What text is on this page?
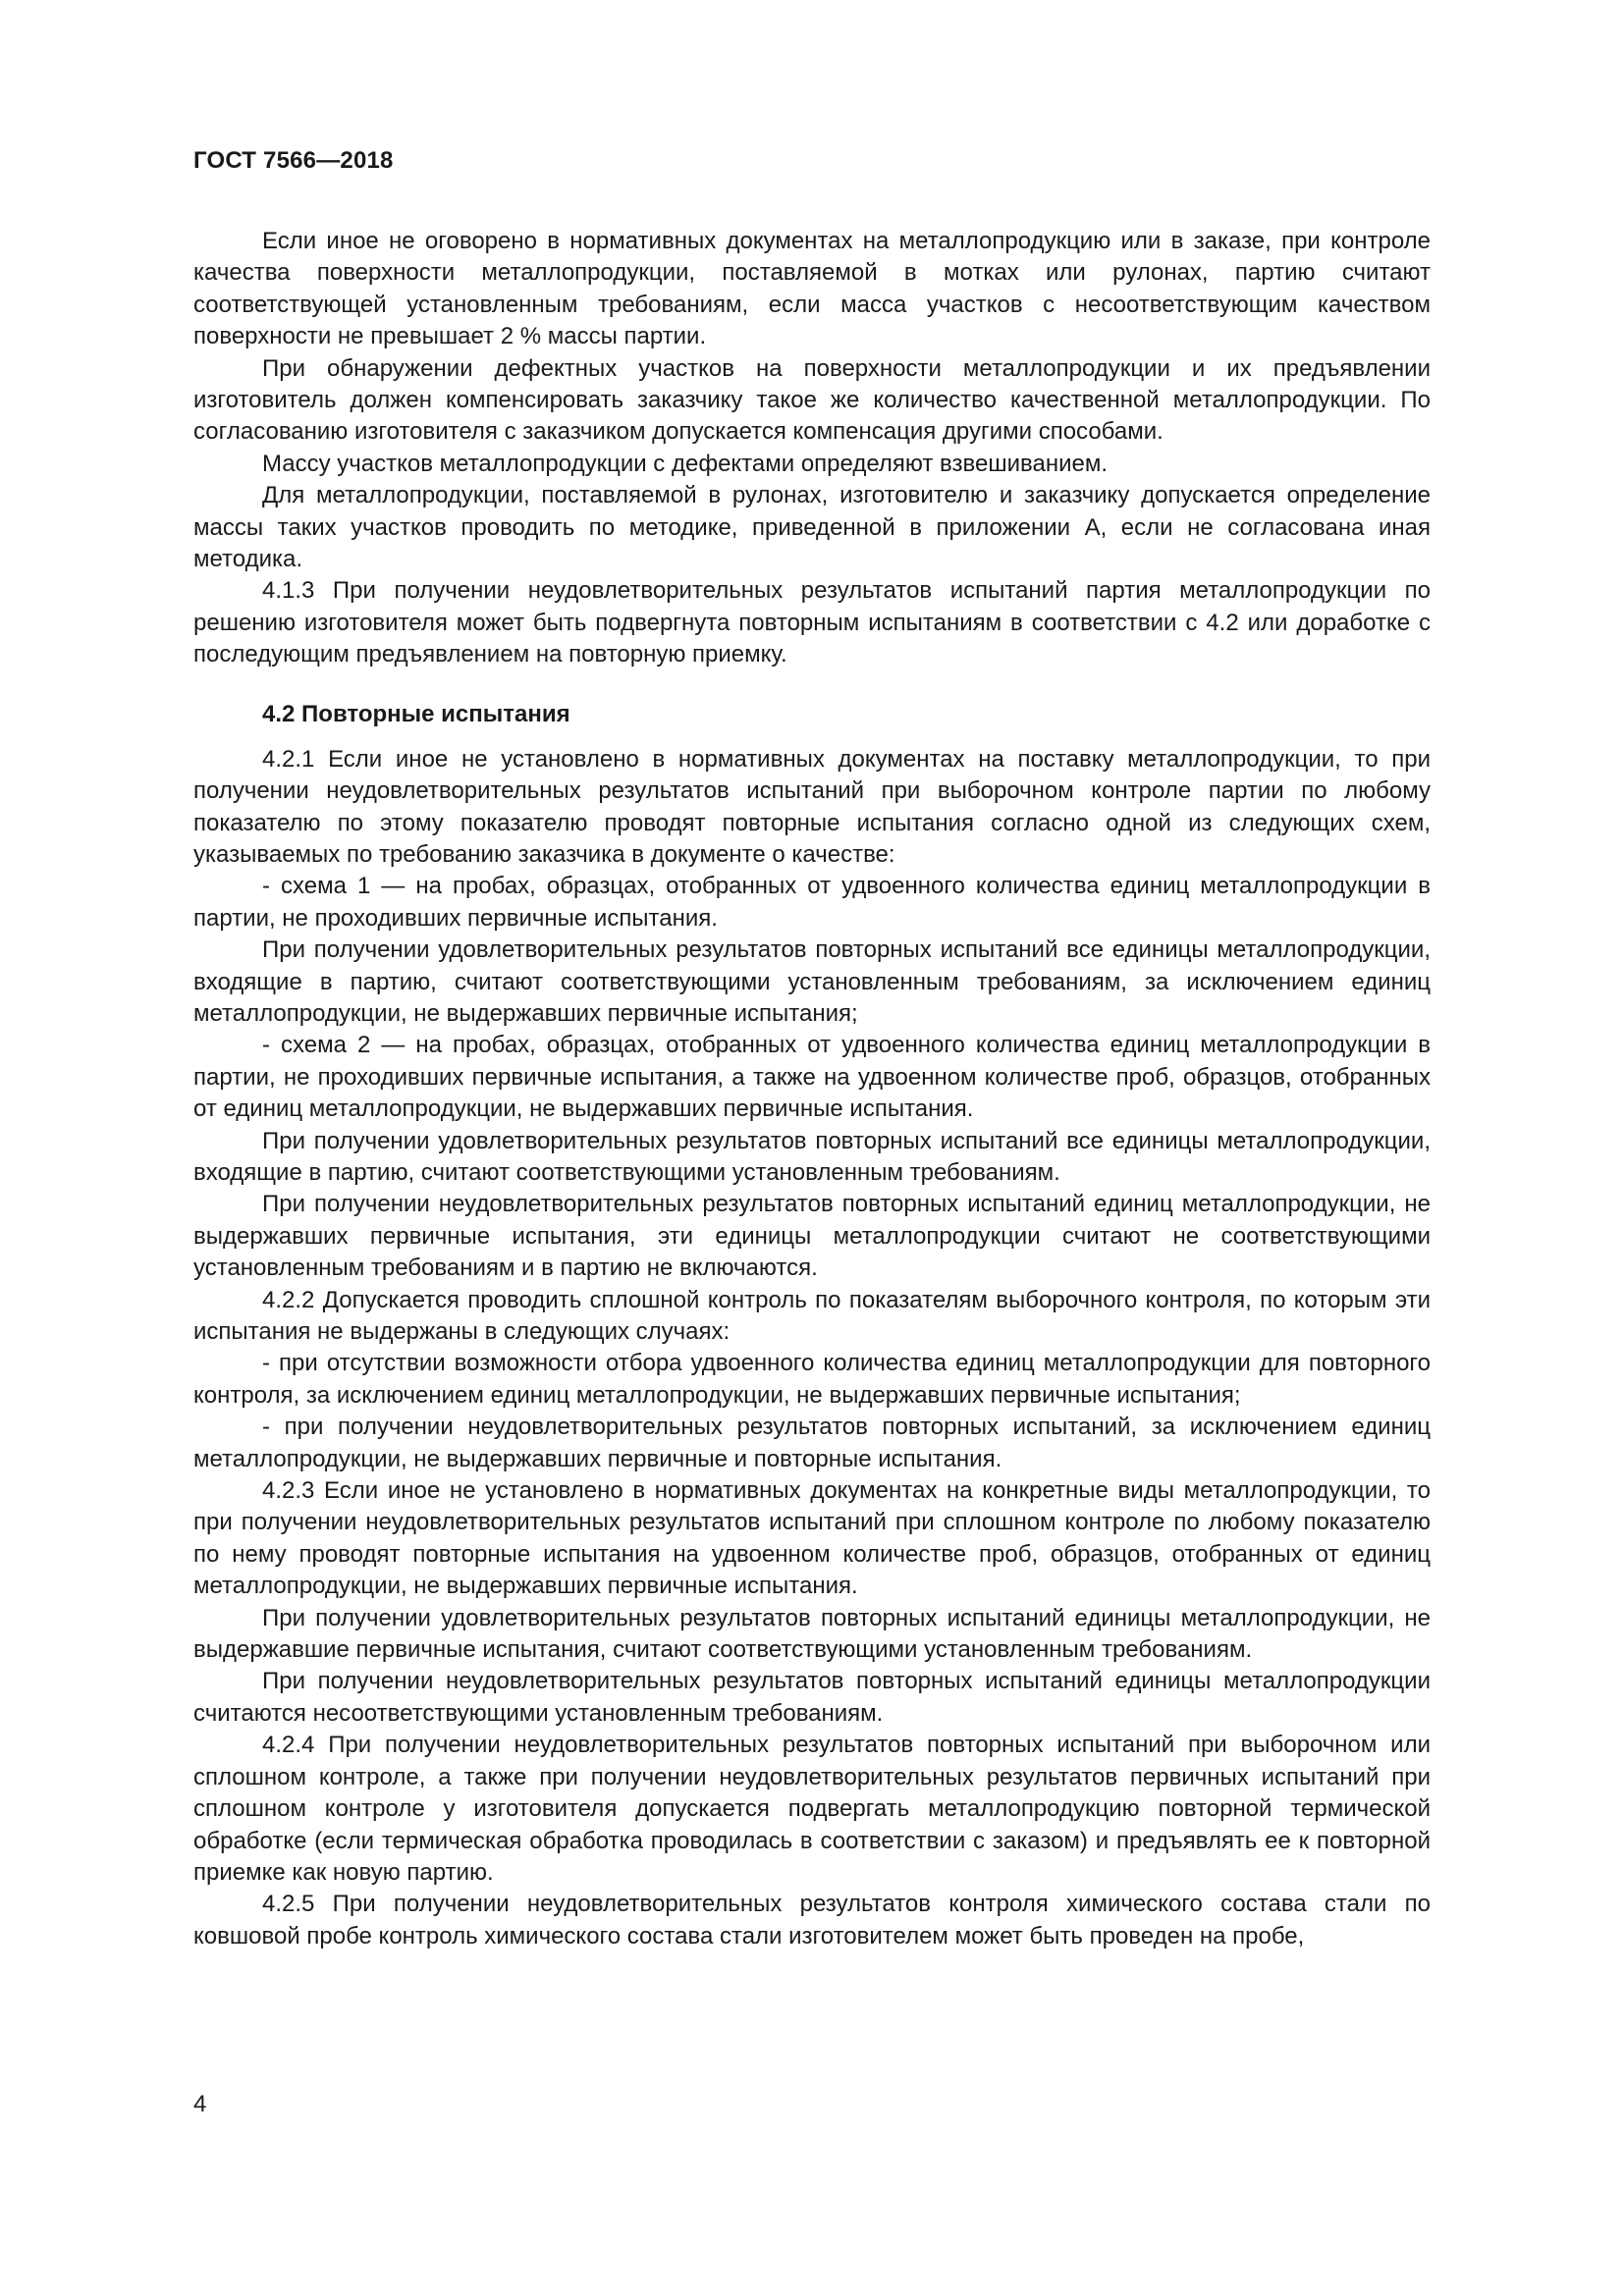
ГОСТ 7566—2018

Если иное не оговорено в нормативных документах на металлопродукцию или в заказе, при контроле качества поверхности металлопродукции, поставляемой в мотках или рулонах, партию считают соответствующей установленным требованиям, если масса участков с несоответствующим качеством поверхности не превышает 2 % массы партии.

При обнаружении дефектных участков на поверхности металлопродукции и их предъявлении изготовитель должен компенсировать заказчику такое же количество качественной металлопродукции. По согласованию изготовителя с заказчиком допускается компенсация другими способами.

Массу участков металлопродукции с дефектами определяют взвешиванием.

Для металлопродукции, поставляемой в рулонах, изготовителю и заказчику допускается определение массы таких участков проводить по методике, приведенной в приложении А, если не согласована иная методика.

4.1.3 При получении неудовлетворительных результатов испытаний партия металлопродукции по решению изготовителя может быть подвергнута повторным испытаниям в соответствии с 4.2 или доработке с последующим предъявлением на повторную приемку.

4.2 Повторные испытания

4.2.1 Если иное не установлено в нормативных документах на поставку металлопродукции, то при получении неудовлетворительных результатов испытаний при выборочном контроле партии по любому показателю по этому показателю проводят повторные испытания согласно одной из следующих схем, указываемых по требованию заказчика в документе о качестве:

- схема 1 — на пробах, образцах, отобранных от удвоенного количества единиц металлопродукции в партии, не проходивших первичные испытания.

При получении удовлетворительных результатов повторных испытаний все единицы металлопродукции, входящие в партию, считают соответствующими установленным требованиям, за исключением единиц металлопродукции, не выдержавших первичные испытания;

- схема 2 — на пробах, образцах, отобранных от удвоенного количества единиц металлопродукции в партии, не проходивших первичные испытания, а также на удвоенном количестве проб, образцов, отобранных от единиц металлопродукции, не выдержавших первичные испытания.

При получении удовлетворительных результатов повторных испытаний все единицы металлопродукции, входящие в партию, считают соответствующими установленным требованиям.

При получении неудовлетворительных результатов повторных испытаний единиц металлопродукции, не выдержавших первичные испытания, эти единицы металлопродукции считают не соответствующими установленным требованиям и в партию не включаются.

4.2.2 Допускается проводить сплошной контроль по показателям выборочного контроля, по которым эти испытания не выдержаны в следующих случаях:

- при отсутствии возможности отбора удвоенного количества единиц металлопродукции для повторного контроля, за исключением единиц металлопродукции, не выдержавших первичные испытания;

- при получении неудовлетворительных результатов повторных испытаний, за исключением единиц металлопродукции, не выдержавших первичные и повторные испытания.

4.2.3 Если иное не установлено в нормативных документах на конкретные виды металлопродукции, то при получении неудовлетворительных результатов испытаний при сплошном контроле по любому показателю по нему проводят повторные испытания на удвоенном количестве проб, образцов, отобранных от единиц металлопродукции, не выдержавших первичные испытания.

При получении удовлетворительных результатов повторных испытаний единицы металлопродукции, не выдержавшие первичные испытания, считают соответствующими установленным требованиям.

При получении неудовлетворительных результатов повторных испытаний единицы металлопродукции считаются несоответствующими установленным требованиям.

4.2.4 При получении неудовлетворительных результатов повторных испытаний при выборочном или сплошном контроле, а также при получении неудовлетворительных результатов первичных испытаний при сплошном контроле у изготовителя допускается подвергать металлопродукцию повторной термической обработке (если термическая обработка проводилась в соответствии с заказом) и предъявлять ее к повторной приемке как новую партию.

4.2.5 При получении неудовлетворительных результатов контроля химического состава стали по ковшовой пробе контроль химического состава стали изготовителем может быть проведен на пробе,

4
